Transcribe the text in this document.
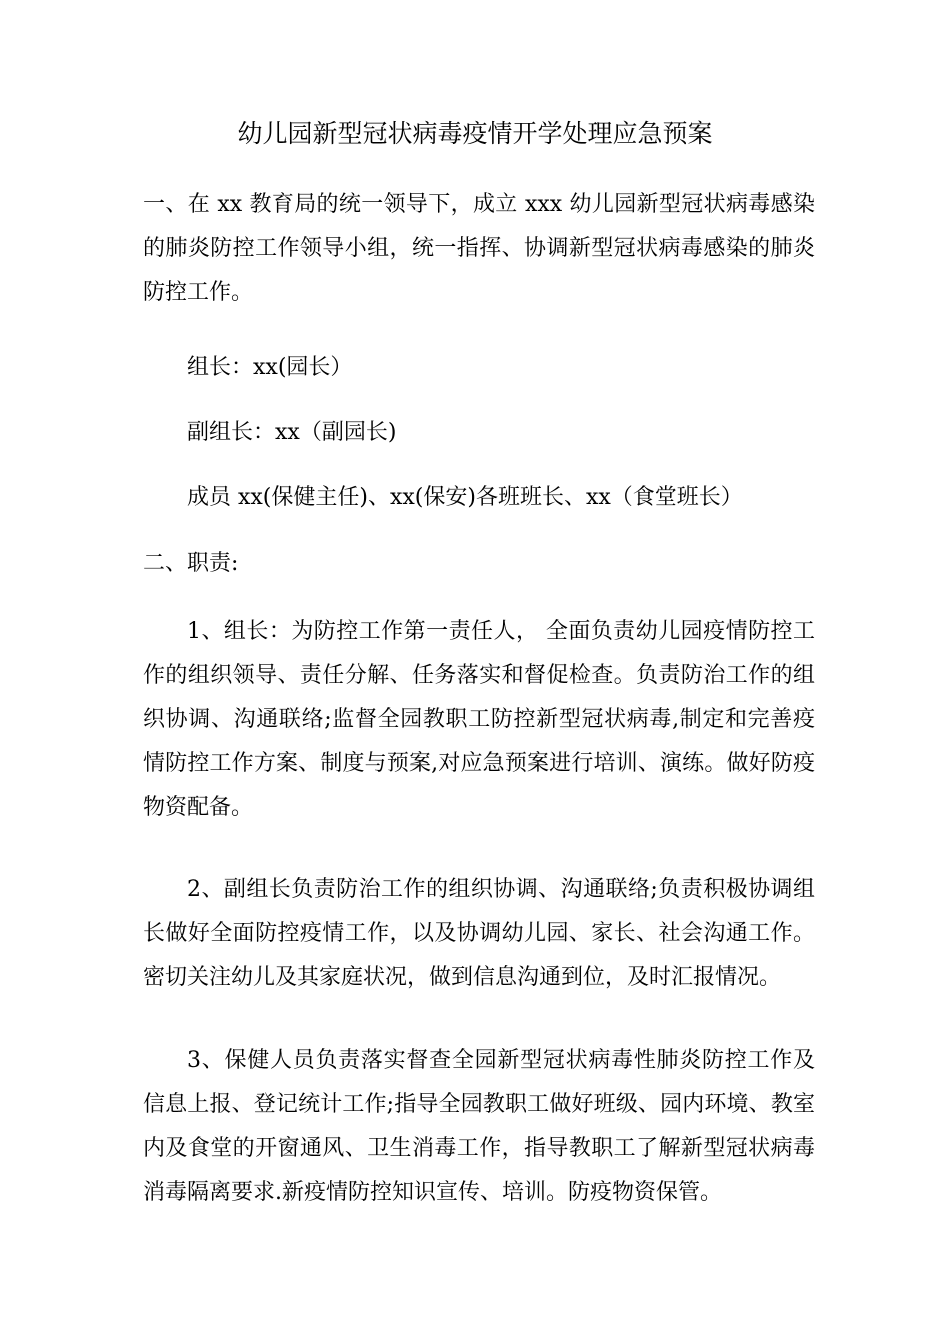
幼儿园新型冠状病毒疫情开学处理应急预案

一、在 xx 教育局的统一领导下，成立 xxx 幼儿园新型冠状病毒感染的肺炎防控工作领导小组，统一指挥、协调新型冠状病毒感染的肺炎防控工作。

组长：xx(园长）

副组长：xx（副园长)

成员 xx(保健主任)、xx(保安)各班班长、xx（食堂班长）

二、职责:

1、组长：为防控工作第一责任人， 全面负责幼儿园疫情防控工作的组织领导、责任分解、任务落实和督促检查。负责防治工作的组织协调、沟通联络;监督全园教职工防控新型冠状病毒,制定和完善疫情防控工作方案、制度与预案,对应急预案进行培训、演练。做好防疫物资配备。

2、副组长负责防治工作的组织协调、沟通联络;负责积极协调组长做好全面防控疫情工作，以及协调幼儿园、家长、社会沟通工作。密切关注幼儿及其家庭状况，做到信息沟通到位，及时汇报情况。

3、保健人员负责落实督查全园新型冠状病毒性肺炎防控工作及信息上报、登记统计工作;指导全园教职工做好班级、园内环境、教室内及食堂的开窗通风、卫生消毒工作，指导教职工了解新型冠状病毒消毒隔离要求.新疫情防控知识宣传、培训。防疫物资保管。
